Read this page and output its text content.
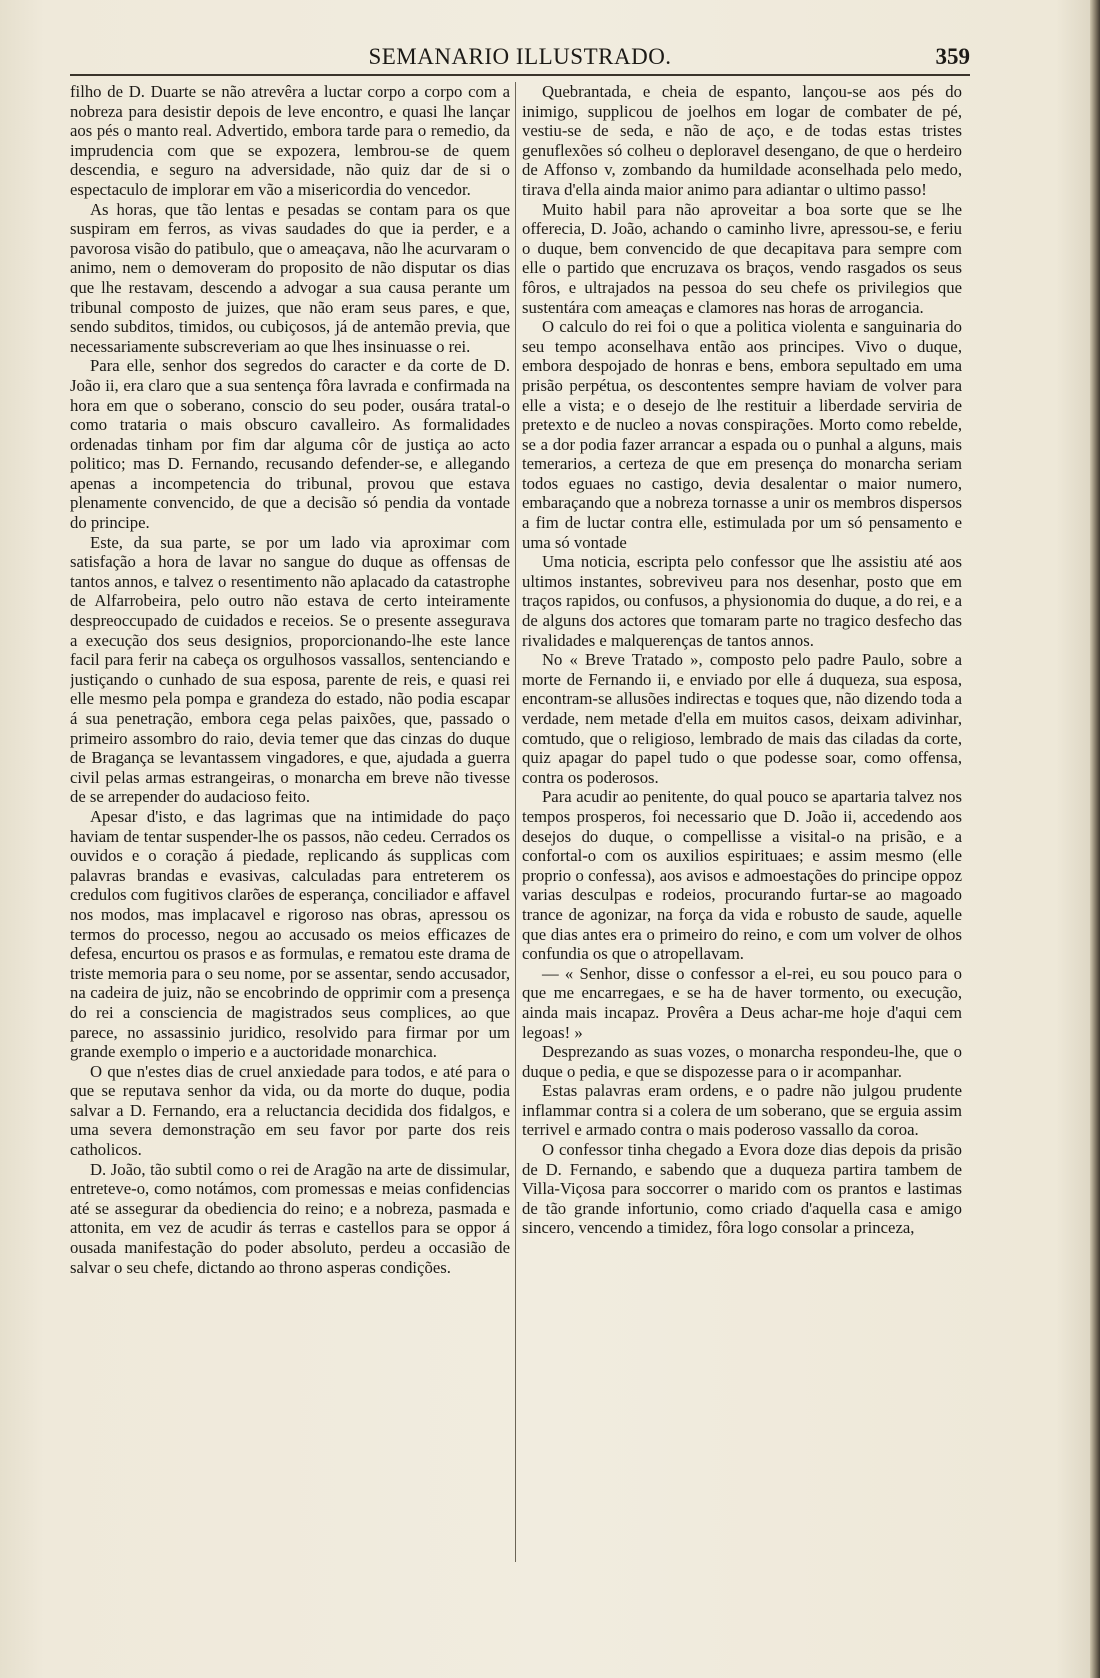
SEMANARIO ILLUSTRADO.	359

filho de D. Duarte se não atrevêra a luctar corpo a corpo com a nobreza para desistir depois de leve encontro, e quasi lhe lançar aos pés o manto real. Advertido, embora tarde para o remedio, da imprudencia com que se expozera, lembrou-se de quem descendia, e seguro na adversidade, não quiz dar de si o espectaculo de implorar em vão a misericordia do vencedor.

As horas, que tão lentas e pesadas se contam para os que suspiram em ferros, as vivas saudades do que ia perder, e a pavorosa visão do patibulo, que o ameaçava, não lhe acurvaram o animo, nem o demoveram do proposito de não disputar os dias que lhe restavam, descendo a advogar a sua causa perante um tribunal composto de juizes, que não eram seus pares, e que, sendo subditos, timidos, ou cubiçosos, já de antemão previa, que necessariamente subscreveriam ao que lhes insinuasse o rei.

Para elle, senhor dos segredos do caracter e da corte de D. João ii, era claro que a sua sentença fôra lavrada e confirmada na hora em que o soberano, conscio do seu poder, ousára tratal-o como trataria o mais obscuro cavalleiro. As formalidades ordenadas tinham por fim dar alguma côr de justiça ao acto politico; mas D. Fernando, recusando defender-se, e allegando apenas a incompetencia do tribunal, provou que estava plenamente convencido, de que a decisão só pendia da vontade do principe.

Este, da sua parte, se por um lado via aproximar com satisfação a hora de lavar no sangue do duque as offensas de tantos annos, e talvez o resentimento não aplacado da catastrophe de Alfarrobeira, pelo outro não estava de certo inteiramente despreoccupado de cuidados e receios. Se o presente assegurava a execução dos seus designios, proporcionando-lhe este lance facil para ferir na cabeça os orgulhosos vassallos, sentenciando e justiçando o cunhado de sua esposa, parente de reis, e quasi rei elle mesmo pela pompa e grandeza do estado, não podia escapar á sua penetração, embora cega pelas paixões, que, passado o primeiro assombro do raio, devia temer que das cinzas do duque de Bragança se levantassem vingadores, e que, ajudada a guerra civil pelas armas estrangeiras, o monarcha em breve não tivesse de se arrepender do audacioso feito.

Apesar d'isto, e das lagrimas que na intimidade do paço haviam de tentar suspender-lhe os passos, não cedeu. Cerrados os ouvidos e o coração á piedade, replicando ás supplicas com palavras brandas e evasivas, calculadas para entreterem os credulos com fugitivos clarões de esperança, conciliador e affavel nos modos, mas implacavel e rigoroso nas obras, apressou os termos do processo, negou ao accusado os meios efficazes de defesa, encurtou os prasos e as formulas, e rematou este drama de triste memoria para o seu nome, por se assentar, sendo accusador, na cadeira de juiz, não se encobrindo de opprimir com a presença do rei a consciencia de magistrados seus complices, ao que parece, no assassinio juridico, resolvido para firmar por um grande exemplo o imperio e a auctoridade monarchica.

O que n'estes dias de cruel anxiedade para todos, e até para o que se reputava senhor da vida, ou da morte do duque, podia salvar a D. Fernando, era a reluctancia decidida dos fidalgos, e uma severa demonstração em seu favor por parte dos reis catholicos.

D. João, tão subtil como o rei de Aragão na arte de dissimular, entreteve-o, como notámos, com promessas e meias confidencias até se assegurar da obediencia do reino; e a nobreza, pasmada e attonita, em vez de acudir ás terras e castellos para se oppor á ousada manifestação do poder absoluto, perdeu a occasião de salvar o seu chefe, dictando ao throno asperas condições.

Quebrantada, e cheia de espanto, lançou-se aos pés do inimigo, supplicou de joelhos em logar de combater de pé, vestiu-se de seda, e não de aço, e de todas estas tristes genuflexões só colheu o deploravel desengano, de que o herdeiro de Affonso v, zombando da humildade aconselhada pelo medo, tirava d'ella ainda maior animo para adiantar o ultimo passo!

Muito habil para não aproveitar a boa sorte que se lhe offerecia, D. João, achando o caminho livre, apressou-se, e feriu o duque, bem convencido de que decapitava para sempre com elle o partido que encruzava os braços, vendo rasgados os seus fôros, e ultrajados na pessoa do seu chefe os privilegios que sustentára com ameaças e clamores nas horas de arrogancia.

O calculo do rei foi o que a politica violenta e sanguinaria do seu tempo aconselhava então aos principes. Vivo o duque, embora despojado de honras e bens, embora sepultado em uma prisão perpétua, os descontentes sempre haviam de volver para elle a vista; e o desejo de lhe restituir a liberdade serviria de pretexto e de nucleo a novas conspirações. Morto como rebelde, se a dor podia fazer arrancar a espada ou o punhal a alguns, mais temerarios, a certeza de que em presença do monarcha seriam todos eguaes no castigo, devia desalentar o maior numero, embaraçando que a nobreza tornasse a unir os membros dispersos a fim de luctar contra elle, estimulada por um só pensamento e uma só vontade

Uma noticia, escripta pelo confessor que lhe assistiu até aos ultimos instantes, sobreviveu para nos desenhar, posto que em traços rapidos, ou confusos, a physionomia do duque, a do rei, e a de alguns dos actores que tomaram parte no tragico desfecho das rivalidades e malquerenças de tantos annos.

No « Breve Tratado », composto pelo padre Paulo, sobre a morte de Fernando ii, e enviado por elle á duqueza, sua esposa, encontram-se allusões indirectas e toques que, não dizendo toda a verdade, nem metade d'ella em muitos casos, deixam adivinhar, comtudo, que o religioso, lembrado de mais das ciladas da corte, quiz apagar do papel tudo o que podesse soar, como offensa, contra os poderosos.

Para acudir ao penitente, do qual pouco se apartaria talvez nos tempos prosperos, foi necessario que D. João ii, accedendo aos desejos do duque, o compellisse a visital-o na prisão, e a confortal-o com os auxilios espirituaes; e assim mesmo (elle proprio o confessa), aos avisos e admoestações do principe oppoz varias desculpas e rodeios, procurando furtar-se ao magoado trance de agonizar, na força da vida e robusto de saude, aquelle que dias antes era o primeiro do reino, e com um volver de olhos confundia os que o atropellavam.

— « Senhor, disse o confessor a el-rei, eu sou pouco para o que me encarregaes, e se ha de haver tormento, ou execução, ainda mais incapaz. Provêra a Deus achar-me hoje d'aqui cem legoas! »

Desprezando as suas vozes, o monarcha respondeu-lhe, que o duque o pedia, e que se dispozesse para o ir acompanhar.

Estas palavras eram ordens, e o padre não julgou prudente inflammar contra si a colera de um soberano, que se erguia assim terrivel e armado contra o mais poderoso vassallo da coroa.

O confessor tinha chegado a Evora doze dias depois da prisão de D. Fernando, e sabendo que a duqueza partira tambem de Villa-Viçosa para soccorrer o marido com os prantos e lastimas de tão grande infortunio, como criado d'aquella casa e amigo sincero, vencendo a timidez, fôra logo consolar a princeza,
